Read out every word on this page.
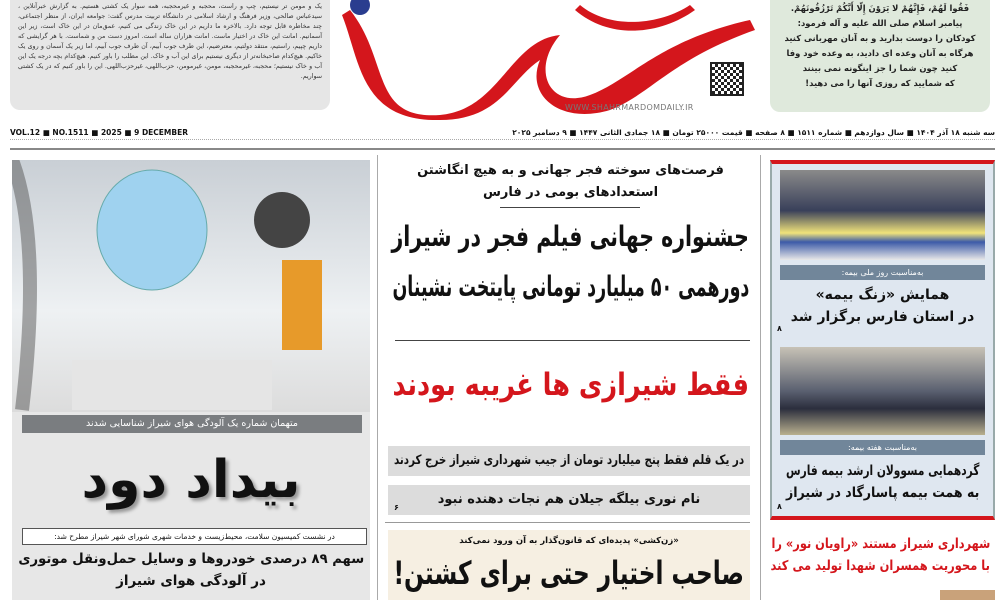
یک و مومن تر نیستیم، چپ و راست، محجبه و غیرمحجبه، همه سوار یک کشتی هستیم. به گزارش خبرآنلاین ، سیدعباس صالحی، وزیر فرهنگ و ارشاد اسلامی در دانشگاه تربیت مدرس گفت: جوامعه ایران، از منظر اجتماعی، چند مخاطره قابل توجه دارد. بالاخره ما داریم در این خاک زندگی می کنیم، عمق‌مان در این خاک است، زیر این آسمانیم. امانت این خاک در اختیار ماست. امانت هزاران ساله است. امروز دست من و شماست. با هر گرایشی که داریم چپیم، راستیم، منتقد دولتیم، معترضیم، این طرف جوب آبیم، آن طرف جوب آبیم، اما زیر یک آسمان و روی یک خاکیم. هیچ‌کدام صاحبخانه‌تر از دیگری نیستیم برای این آب و خاک. این مطلب را باور کنیم. هیچ‌کدام بچه درجه یک این آب و خاک نیستیم؛ محجبه، غیرمحجبه، مومن، غیرمومن، حزب‌اللهی، غیرحزب‌اللهی. این را باور کنیم که در یک کشتی سواریم.
WWW.SHAHRMARDOMDAILY.IR
فَقُوا لَهُمْ، فَإِنَّهُمْ لا يَرَوْنَ إِلّا أَنَّكُمْ تَرْزُقُونَهُمْ.
پیامبر اسلام صلی الله علیه و آله فرمود:
کودکان را دوست بدارید و به آنان مهربانی کنید
هرگاه به آنان وعده ای دادید، به وعده خود وفا
کنید چون شما را جز اینگونه نمی بینند
که شمایید که روزی آنها را می دهید!
VOL.12 ■ NO.1511 ■ 2025 ■ 9 DECEMBER	سه شنبه ۱۸ آذر ۱۴۰۴ ■ سال دوازدهم ■ شماره ۱۵۱۱ ■ ۸ صفحه ■ قیمت ۲۵۰۰۰ تومان ■ ۱۸ جمادی الثانی ۱۴۴۷ ■ ۹ دسامبر ۲۰۲۵
متهمان شماره یک آلودگی هوای شیراز شناسایی شدند
بیداد دود
در نشست کمیسیون سلامت، محیط‌زیست و خدمات شهری شورای شهر شیراز مطرح شد:
سهم ۸۹ درصدی خودروها و وسایل حمل‌ونقل موتوری
در آلودگی هوای شیراز
فرصت‌های سوخته فجر جهانی و به هیچ انگاشتن
استعدادهای بومی در فارس
جشنواره جهانی فیلم فجر در شیراز
دورهمی ۵۰ میلیارد تومانی پایتخت نشینان
فقط شیرازی ها غریبه بودند
در یک قلم فقط پنج میلیارد تومان از جیب شهرداری شیراز خرج کردند
نام نوری بیلگه جیلان هم نجات دهنده نبود
۶
«زن‌کشی» پدیده‌ای که قانون‌گذار به آن ورود نمی‌کند
صاحب اختیار حتی برای کشتن!
به‌مناسبت روز ملی بیمه:
همایش «زنگ بیمه»
در استان فارس برگزار شد
۸
به‌مناسبت هفته بیمه:
گردهمایی مسوولان ارشد بیمه فارس
به همت بیمه پاسارگاد در شیراز
۸
شهرداری شیراز مستند «راویان نور» را
با محوریت همسران شهدا تولید می کند
